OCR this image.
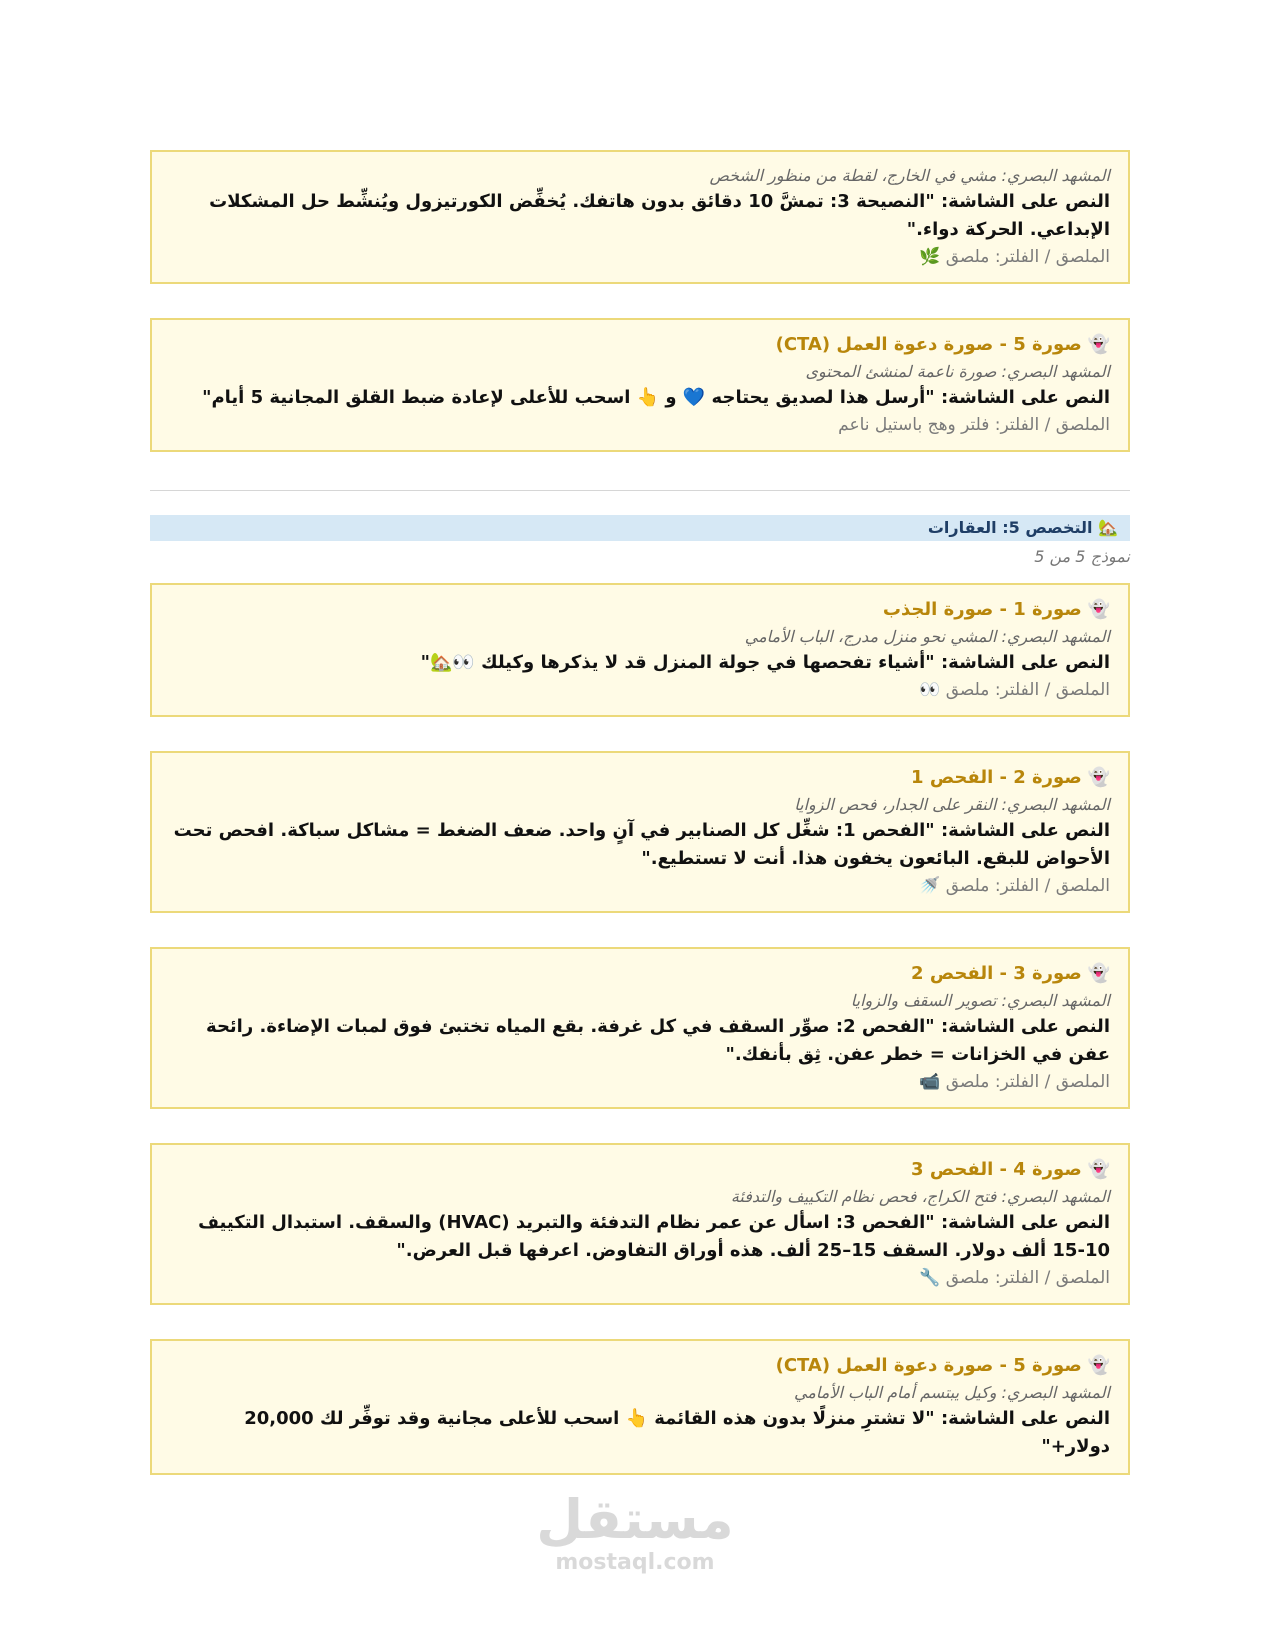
المشهد البصري: مشي في الخارج، لقطة من منظور الشخص
النص على الشاشة: "النصيحة 3: تمشَّ 10 دقائق بدون هاتفك. يُخفِّض الكورتيزول ويُنشِّط حل المشكلات الإبداعي. الحركة دواء."
الملصق / الفلتر: ملصق 🌿
👻 صورة 5 - صورة دعوة العمل (CTA)
المشهد البصري: صورة ناعمة لمنشئ المحتوى
النص على الشاشة: "أرسل هذا لصديق يحتاجه 💙 و 👆 اسحب للأعلى لإعادة ضبط القلق المجانية 5 أيام"
الملصق / الفلتر: فلتر وهج باستيل ناعم
🏡 التخصص 5: العقارات
نموذج 5 من 5
👻 صورة 1 - صورة الجذب
المشهد البصري: المشي نحو منزل مدرج، الباب الأمامي
النص على الشاشة: "أشياء تفحصها في جولة المنزل قد لا يذكرها وكيلك 👀🏡"
الملصق / الفلتر: ملصق 👀
👻 صورة 2 - الفحص 1
المشهد البصري: النقر على الجدار، فحص الزوايا
النص على الشاشة: "الفحص 1: شغِّل كل الصنابير في آنٍ واحد. ضعف الضغط = مشاكل سباكة. افحص تحت الأحواض للبقع. البائعون يخفون هذا. أنت لا تستطيع."
الملصق / الفلتر: ملصق 🚿
👻 صورة 3 - الفحص 2
المشهد البصري: تصوير السقف والزوايا
النص على الشاشة: "الفحص 2: صوِّر السقف في كل غرفة. بقع المياه تختبئ فوق لمبات الإضاءة. رائحة عفن في الخزانات = خطر عفن. ثِق بأنفك."
الملصق / الفلتر: ملصق 📹
👻 صورة 4 - الفحص 3
المشهد البصري: فتح الكراج، فحص نظام التكييف والتدفئة
النص على الشاشة: "الفحص 3: اسأل عن عمر نظام التدفئة والتبريد (HVAC) والسقف. استبدال التكييف 10-15 ألف دولار. السقف 15–25 ألف. هذه أوراق التفاوض. اعرفها قبل العرض."
الملصق / الفلتر: ملصق 🔧
👻 صورة 5 - صورة دعوة العمل (CTA)
المشهد البصري: وكيل يبتسم أمام الباب الأمامي
النص على الشاشة: "لا تشترِ منزلًا بدون هذه القائمة 👆 اسحب للأعلى مجانية وقد توفِّر لك 20,000 دولار+"
مستقل
mostaql.com
